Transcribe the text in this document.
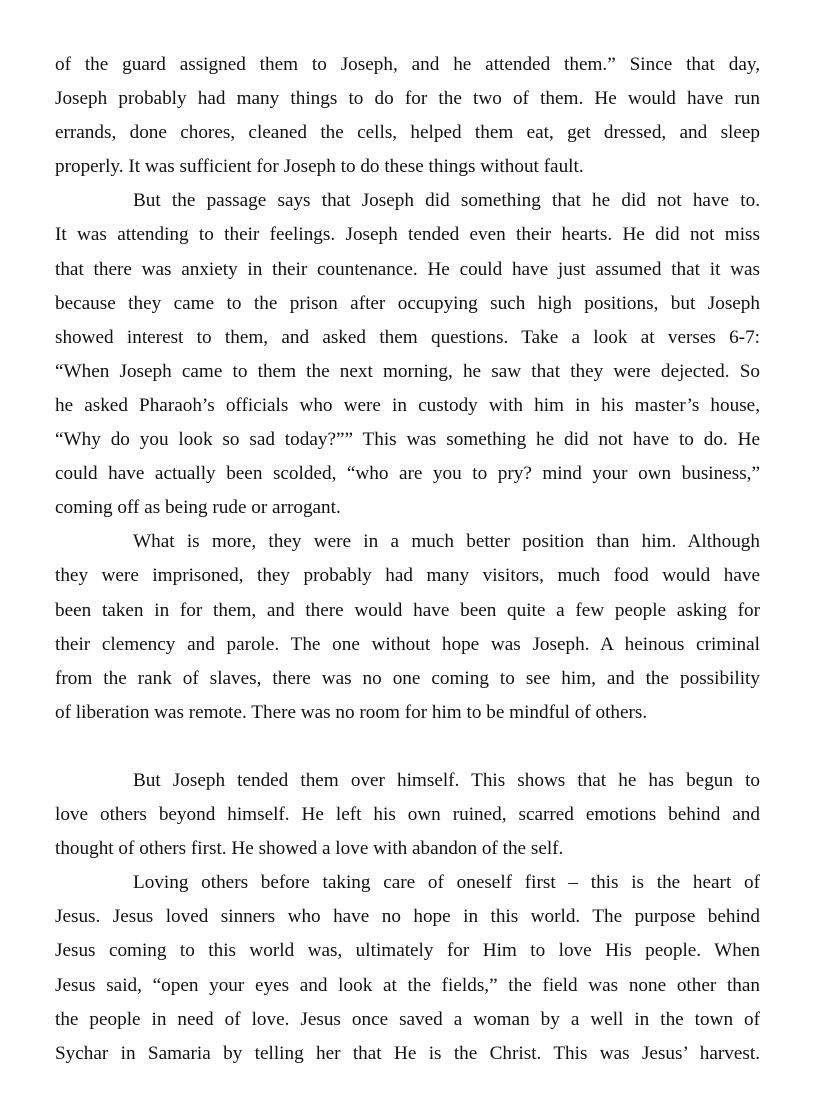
of the guard assigned them to Joseph, and he attended them.” Since that day,
Joseph probably had many things to do for the two of them. He would have run
errands, done chores, cleaned the cells, helped them eat, get dressed, and sleep
properly. It was sufficient for Joseph to do these things without fault.
But the passage says that Joseph did something that he did not have to.
It was attending to their feelings. Joseph tended even their hearts. He did not miss
that there was anxiety in their countenance. He could have just assumed that it was
because they came to the prison after occupying such high positions, but Joseph
showed interest to them, and asked them questions. Take a look at verses 6-7:
“When Joseph came to them the next morning, he saw that they were dejected. So
he asked Pharaoh’s officials who were in custody with him in his master’s house,
“Why do you look so sad today?”” This was something he did not have to do. He
could have actually been scolded, “who are you to pry? mind your own business,”
coming off as being rude or arrogant.
What is more, they were in a much better position than him. Although
they were imprisoned, they probably had many visitors, much food would have
been taken in for them, and there would have been quite a few people asking for
their clemency and parole. The one without hope was Joseph. A heinous criminal
from the rank of slaves, there was no one coming to see him, and the possibility
of liberation was remote. There was no room for him to be mindful of others.
But Joseph tended them over himself. This shows that he has begun to
love others beyond himself. He left his own ruined, scarred emotions behind and
thought of others first. He showed a love with abandon of the self.
Loving others before taking care of oneself first – this is the heart of
Jesus. Jesus loved sinners who have no hope in this world. The purpose behind
Jesus coming to this world was, ultimately for Him to love His people. When
Jesus said, “open your eyes and look at the fields,” the field was none other than
the people in need of love. Jesus once saved a woman by a well in the town of
Sychar in Samaria by telling her that He is the Christ. This was Jesus’ harvest.
